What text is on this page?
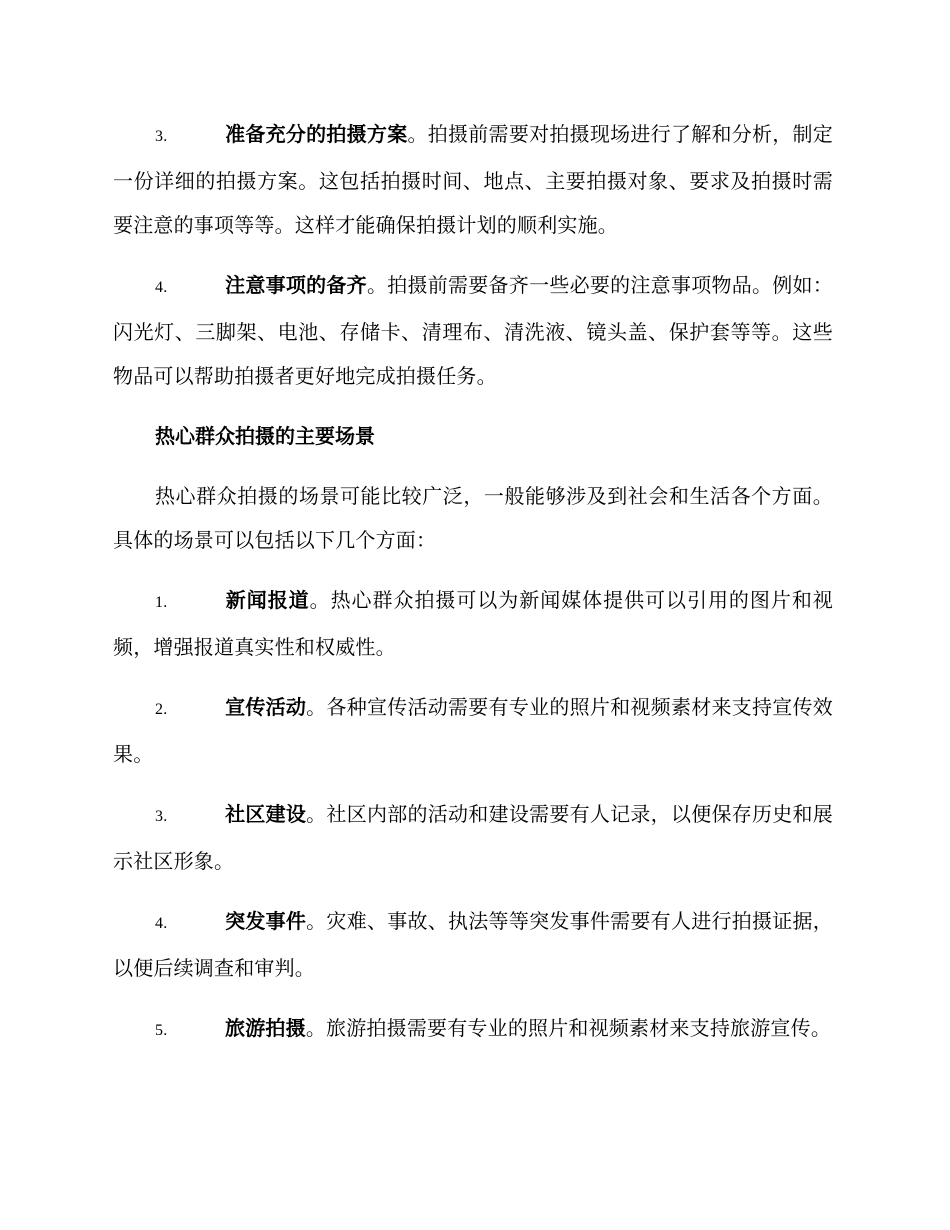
3.	准备充分的拍摄方案。拍摄前需要对拍摄现场进行了解和分析，制定一份详细的拍摄方案。这包括拍摄时间、地点、主要拍摄对象、要求及拍摄时需要注意的事项等等。这样才能确保拍摄计划的顺利实施。

4.	注意事项的备齐。拍摄前需要备齐一些必要的注意事项物品。例如：闪光灯、三脚架、电池、存储卡、清理布、清洗液、镜头盖、保护套等等。这些物品可以帮助拍摄者更好地完成拍摄任务。

热心群众拍摄的主要场景

热心群众拍摄的场景可能比较广泛，一般能够涉及到社会和生活各个方面。具体的场景可以包括以下几个方面：

1.	新闻报道。热心群众拍摄可以为新闻媒体提供可以引用的图片和视频，增强报道真实性和权威性。

2.	宣传活动。各种宣传活动需要有专业的照片和视频素材来支持宣传效果。

3.	社区建设。社区内部的活动和建设需要有人记录，以便保存历史和展示社区形象。

4.	突发事件。灾难、事故、执法等等突发事件需要有人进行拍摄证据，以便后续调查和审判。

5.	旅游拍摄。旅游拍摄需要有专业的照片和视频素材来支持旅游宣传。
